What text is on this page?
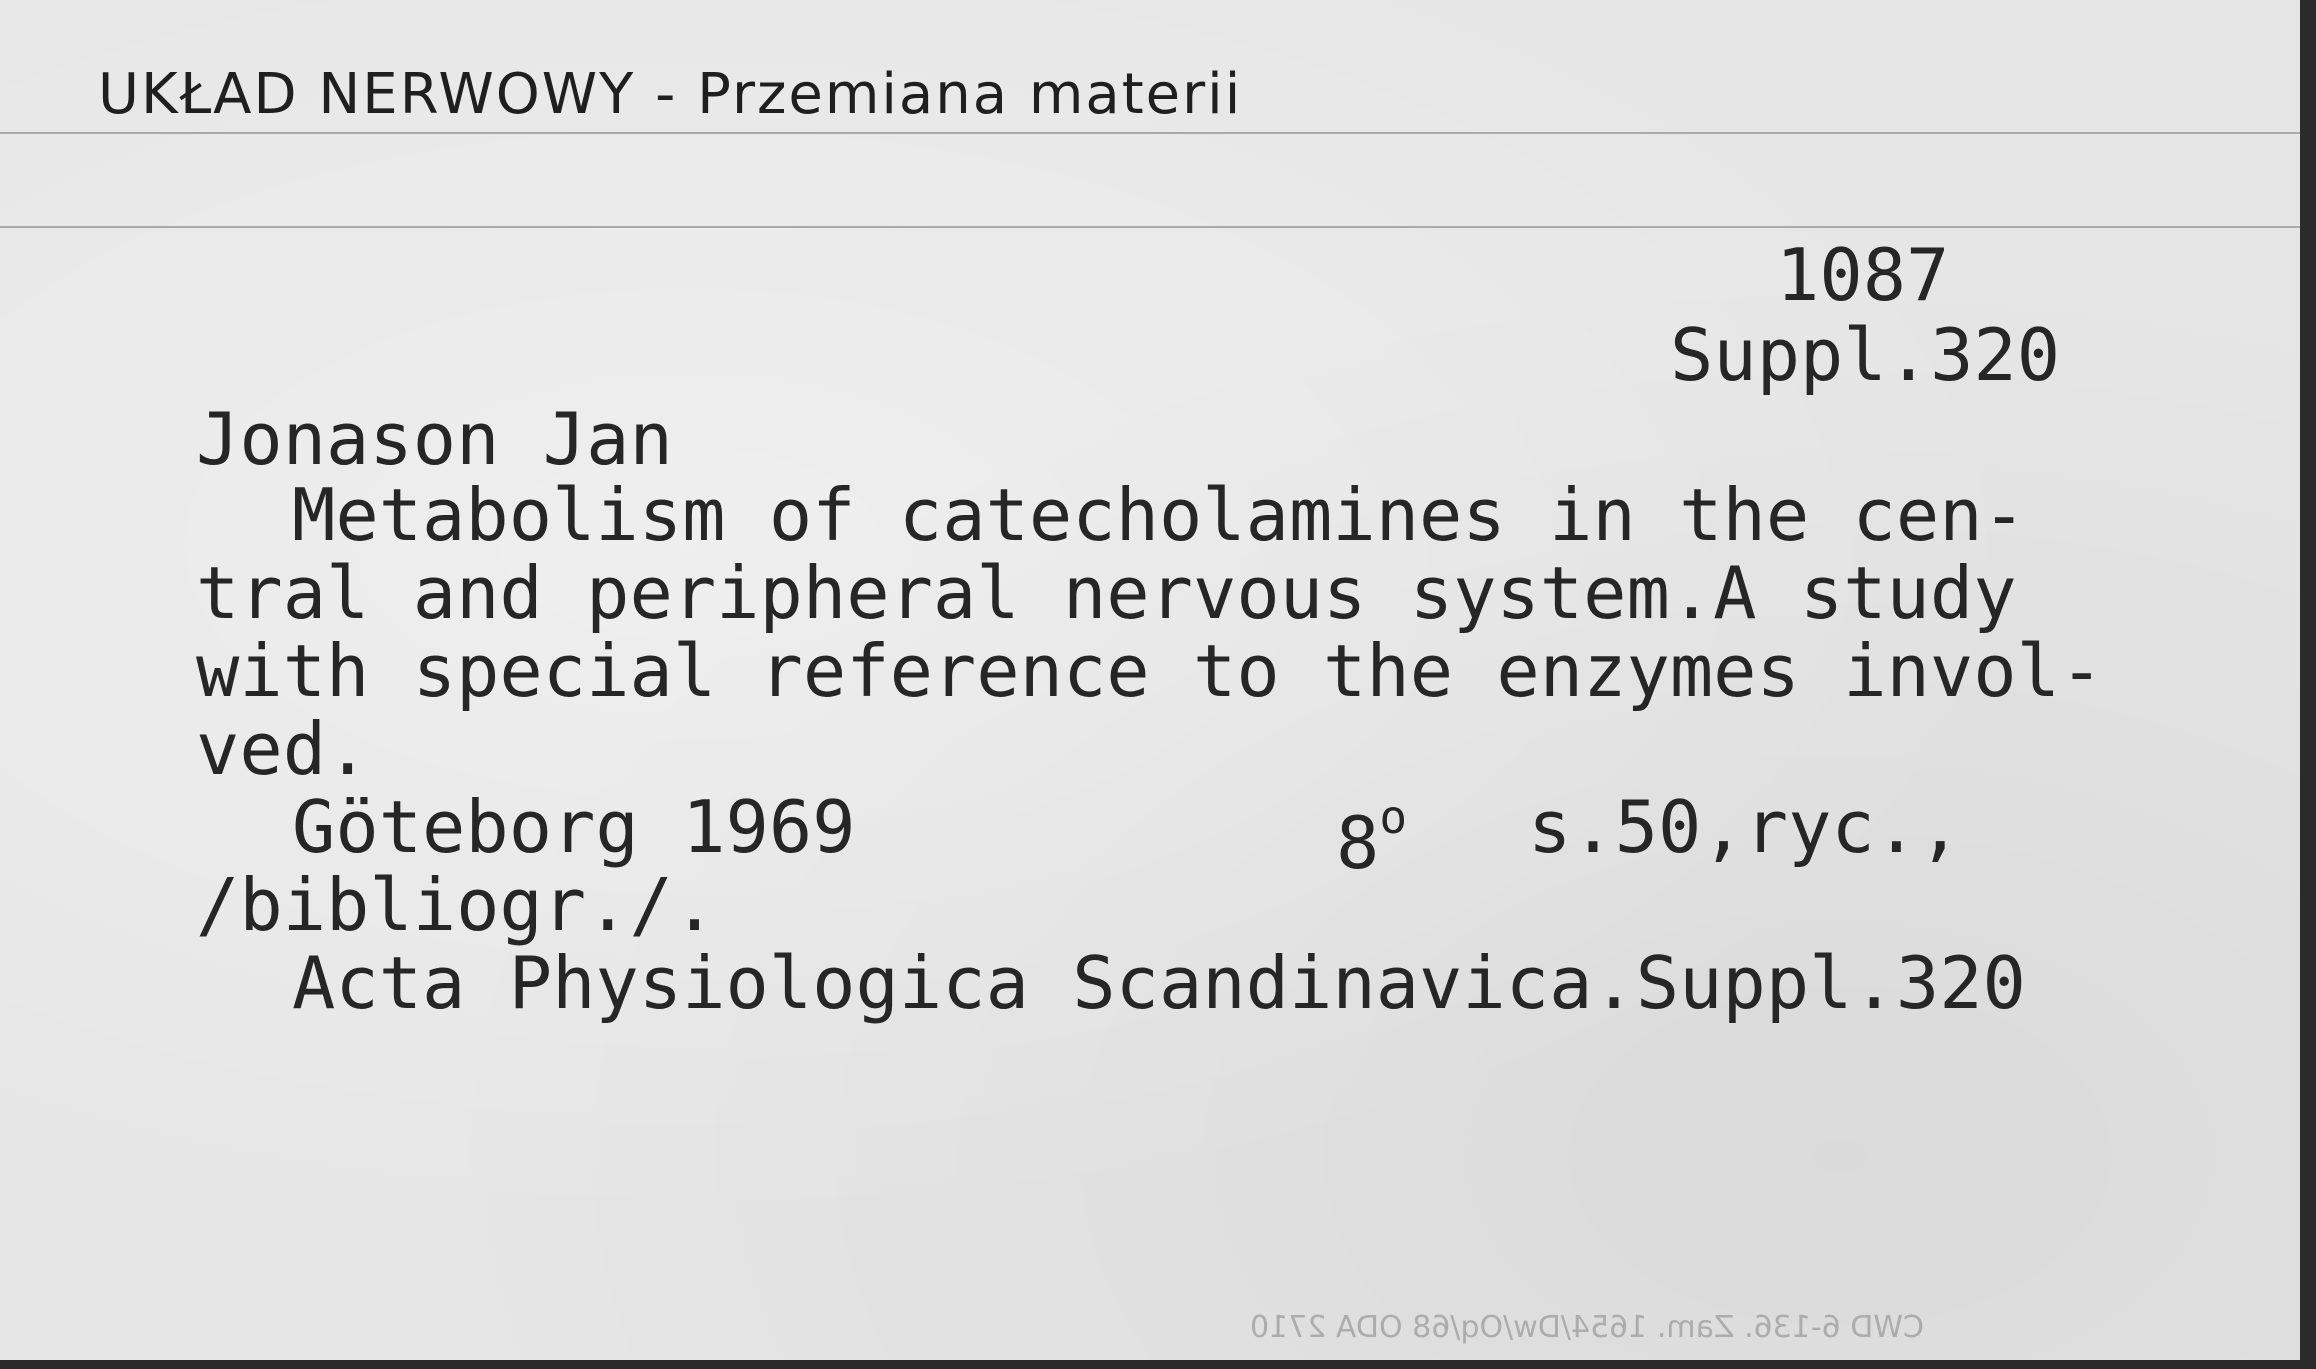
UKŁAD NERWOWY - Przemiana materii
1087
Suppl.320
Jonason Jan
Metabolism of catecholamines in the cen-
tral and peripheral nervous system.A study
with special reference to the enzymes invol-
ved.
Göteborg 1969	8$^o$ s.50,ryc.,
/bibliogr./.
Acta Physiologica Scandinavica.Suppl.320
CWD 6-136. Zam. 1654/Dw/Oq/68 ODA 2710
